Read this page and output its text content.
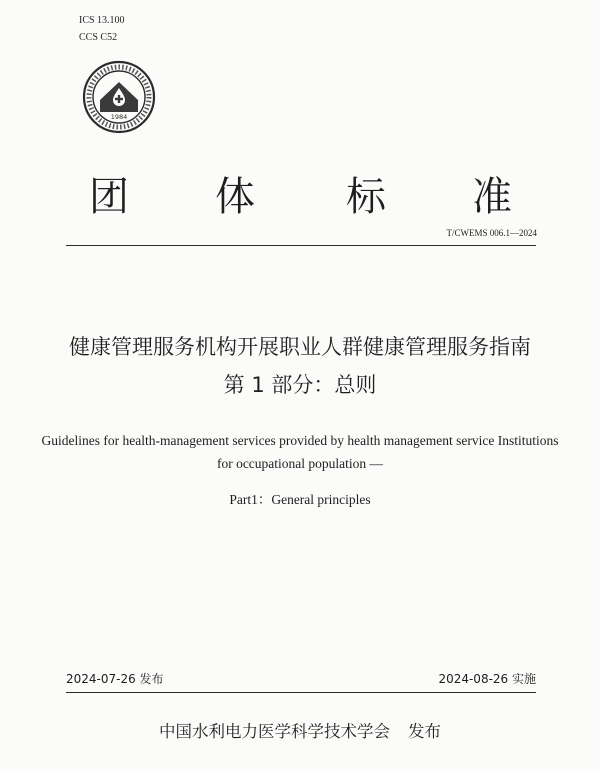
ICS 13.100
CCS C52
1984
团 体 标 准
T/CWEMS 006.1—2024
健康管理服务机构开展职业人群健康管理服务指南
第 1 部分：总则
Guidelines for health-management services provided by health management service Institutions
for occupational population —
Part1：General principles
2024-07-26 发布	2024-08-26 实施
中国水利电力医学科学技术学会 发布
